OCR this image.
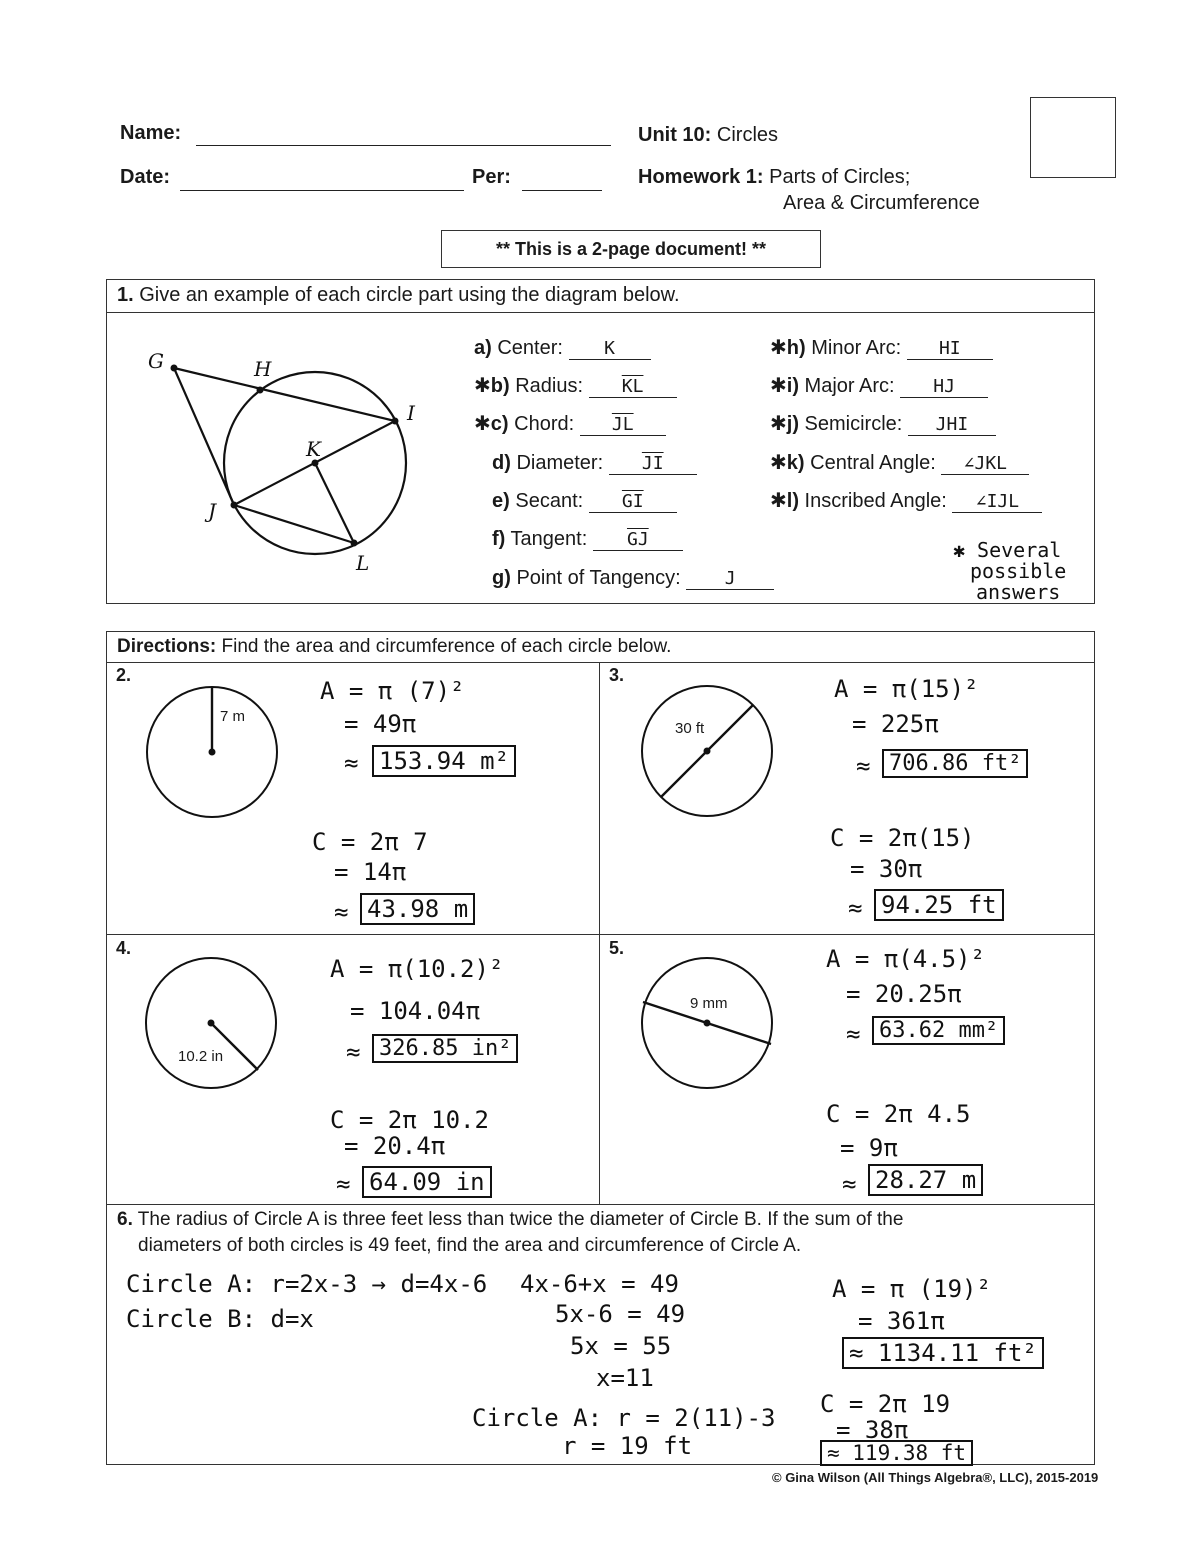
Name:
Date:	Per:
Unit 10: Circles
Homework 1: Parts of Circles;
Area & Circumference
** This is a 2-page document! **
1. Give an example of each circle part using the diagram below.
G	H
I
K
J
L
a) Center: K
✱b) Radius: $\overline{KL}$
✱c) Chord: $\overline{JL}$
d) Diameter: $\overline{JI}$
e) Secant: $\overline{GI}$
f) Tangent: $\overline{GJ}$
g) Point of Tangency: J
✱h) Minor Arc: HI
✱i) Major Arc: HJ
✱j) Semicircle: JHI
✱k) Central Angle: ∠JKL
✱l) Inscribed Angle: ∠IJL
✱ Several
possible
answers
Directions: Find the area and circumference of each circle below.
2.
7 m
A = π (7)²
= 49π
≈ 153.94 m²
C = 2π 7
= 14π
≈ 43.98 m
3.
30 ft
A = π(15)²
= 225π
≈ 706.86 ft²
C = 2π(15)
= 30π
≈ 94.25 ft
4.
10.2 in
A = π(10.2)²
= 104.04π
≈ 326.85 in²
C = 2π 10.2
= 20.4π
≈ 64.09 in
5.
9 mm
A = π(4.5)²
= 20.25π
≈ 63.62 mm²
C = 2π 4.5
= 9π
≈ 28.27 m
6. The radius of Circle A is three feet less than twice the diameter of Circle B. If the sum of the
diameters of both circles is 49 feet, find the area and circumference of Circle A.
Circle A: r=2x-3 → d=4x-6
Circle B: d=x
4x-6+x = 49
5x-6 = 49
5x = 55
x=11
Circle A: r = 2(11)-3
r = 19 ft
A = π (19)²
= 361π
≈ 1134.11 ft²
C = 2π 19
= 38π
≈ 119.38 ft
© Gina Wilson (All Things Algebra®, LLC), 2015-2019
